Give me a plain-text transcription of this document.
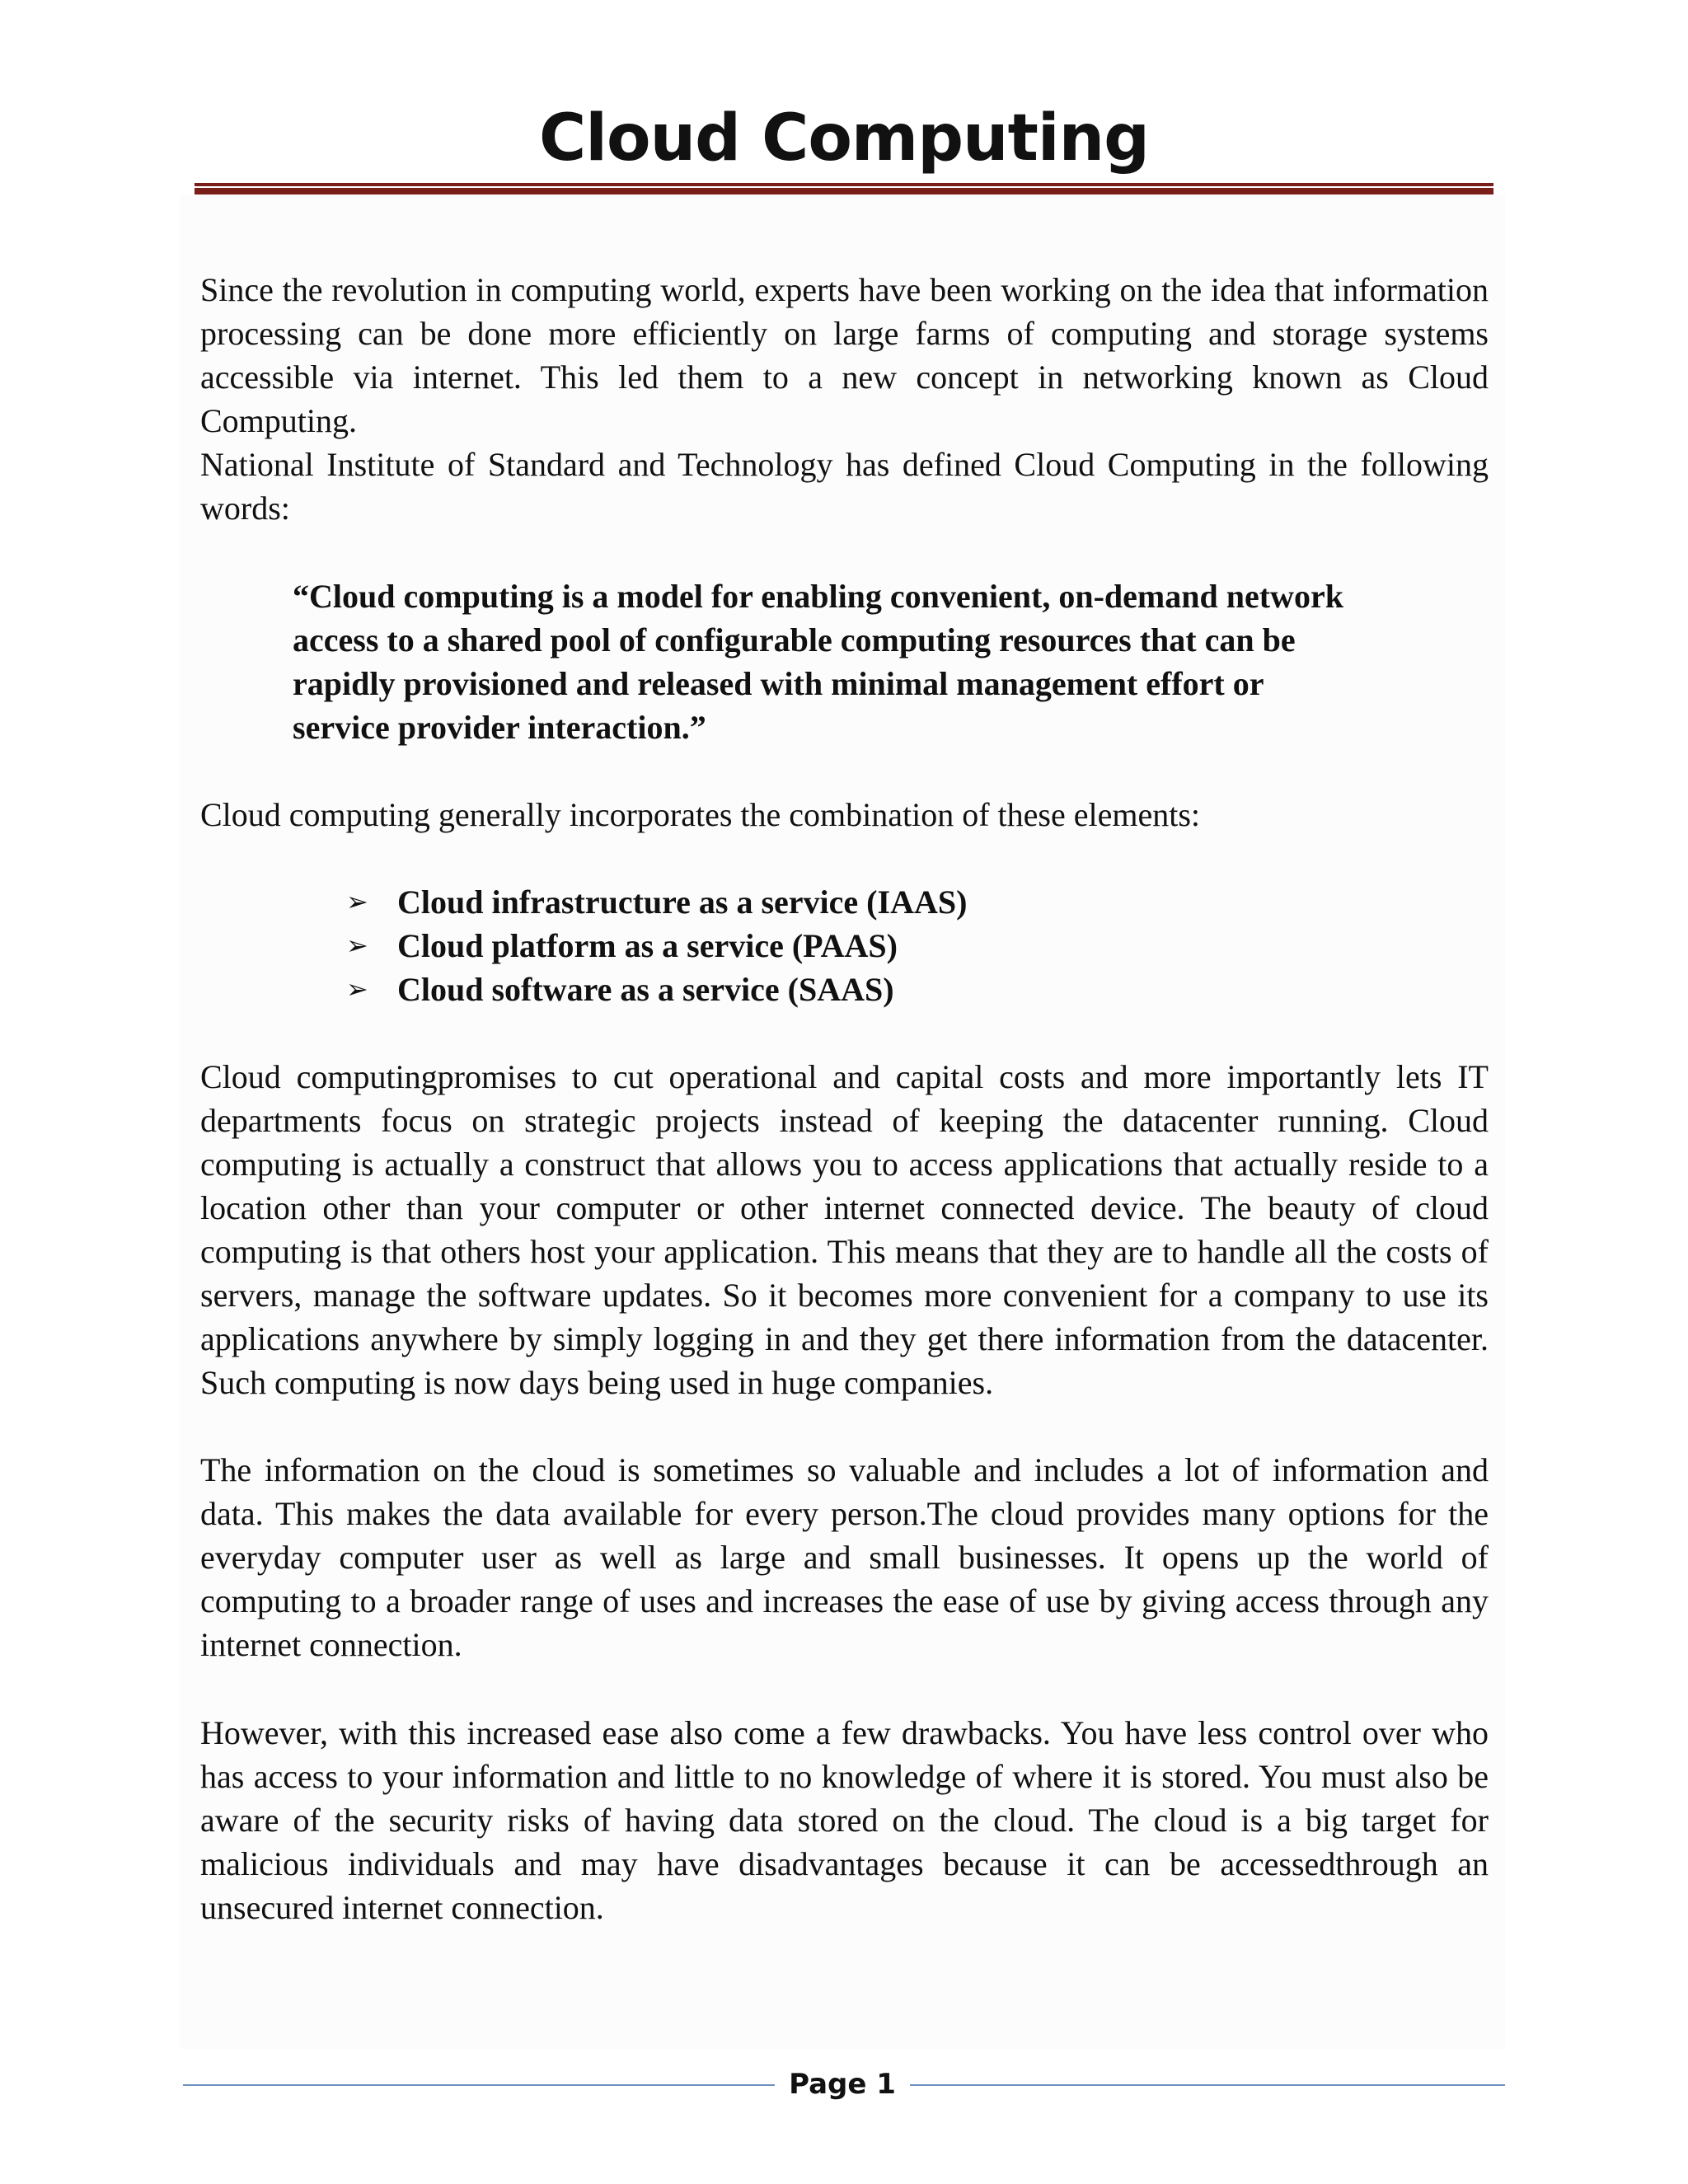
Cloud Computing

Since the revolution in computing world, experts have been working on the idea that information processing can be done more efficiently on large farms of computing and storage systems accessible via internet. This led them to a new concept in networking known as Cloud Computing.

National Institute of Standard and Technology has defined Cloud Computing in the following words:

“Cloud computing is a model for enabling convenient, on-demand network access to a shared pool of configurable computing resources that can be rapidly provisioned and released with minimal management effort or service provider interaction.”

Cloud computing generally incorporates the combination of these elements:

➢ Cloud infrastructure as a service (IAAS)
➢ Cloud platform as a service (PAAS)
➢ Cloud software as a service (SAAS)

Cloud computingpromises to cut operational and capital costs and more importantly lets IT departments focus on strategic projects instead of keeping the datacenter running. Cloud computing is actually a construct that allows you to access applications that actually reside to a location other than your computer or other internet connected device. The beauty of cloud computing is that others host your application. This means that they are to handle all the costs of servers, manage the software updates. So it becomes more convenient for a company to use its applications anywhere by simply logging in and they get there information from the datacenter. Such computing is now days being used in huge companies.

The information on the cloud is sometimes so valuable and includes a lot of information and data. This makes the data available for every person.The cloud provides many options for the everyday computer user as well as large and small businesses. It opens up the world of computing to a broader range of uses and increases the ease of use by giving access through any internet connection.

However, with this increased ease also come a few drawbacks. You have less control over who has access to your information and little to no knowledge of where it is stored. You must also be aware of the security risks of having data stored on the cloud. The cloud is a big target for malicious individuals and may have disadvantages because it can be accessedthrough an unsecured internet connection.

Page 1
